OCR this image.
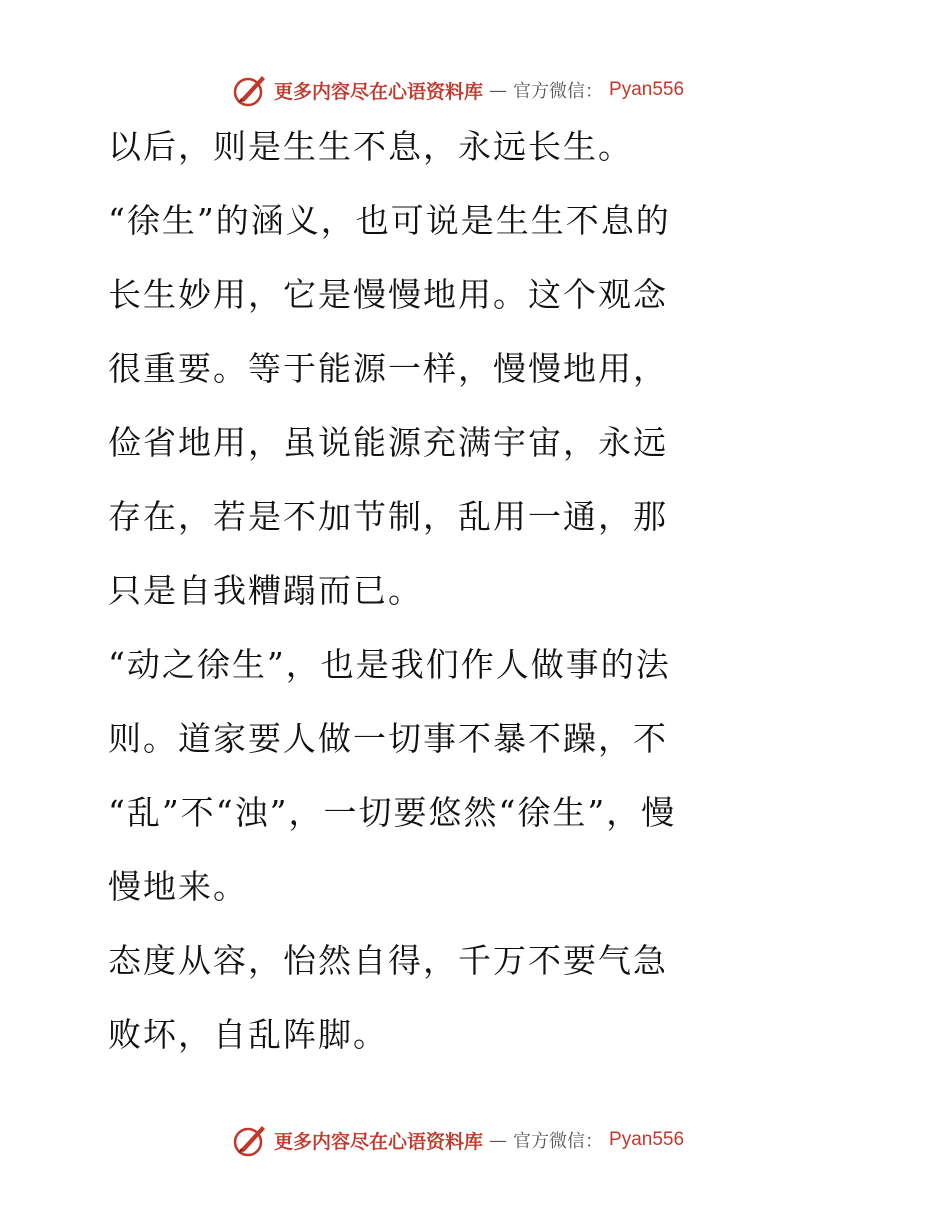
更多内容尽在心语资料库 — 官方微信： Pyan556
以后，则是生生不息，永远长生。
“徐生”的涵义，也可说是生生不息的
长生妙用，它是慢慢地用。这个观念
很重要。等于能源一样，慢慢地用，
俭省地用，虽说能源充满宇宙，永远
存在，若是不加节制，乱用一通，那
只是自我糟蹋而已。
“动之徐生”，也是我们作人做事的法
则。道家要人做一切事不暴不躁，不
“乱”不“浊”，一切要悠然“徐生”，慢
慢地来。
态度从容，怡然自得，千万不要气急
败坏，自乱阵脚。
更多内容尽在心语资料库 — 官方微信： Pyan556
